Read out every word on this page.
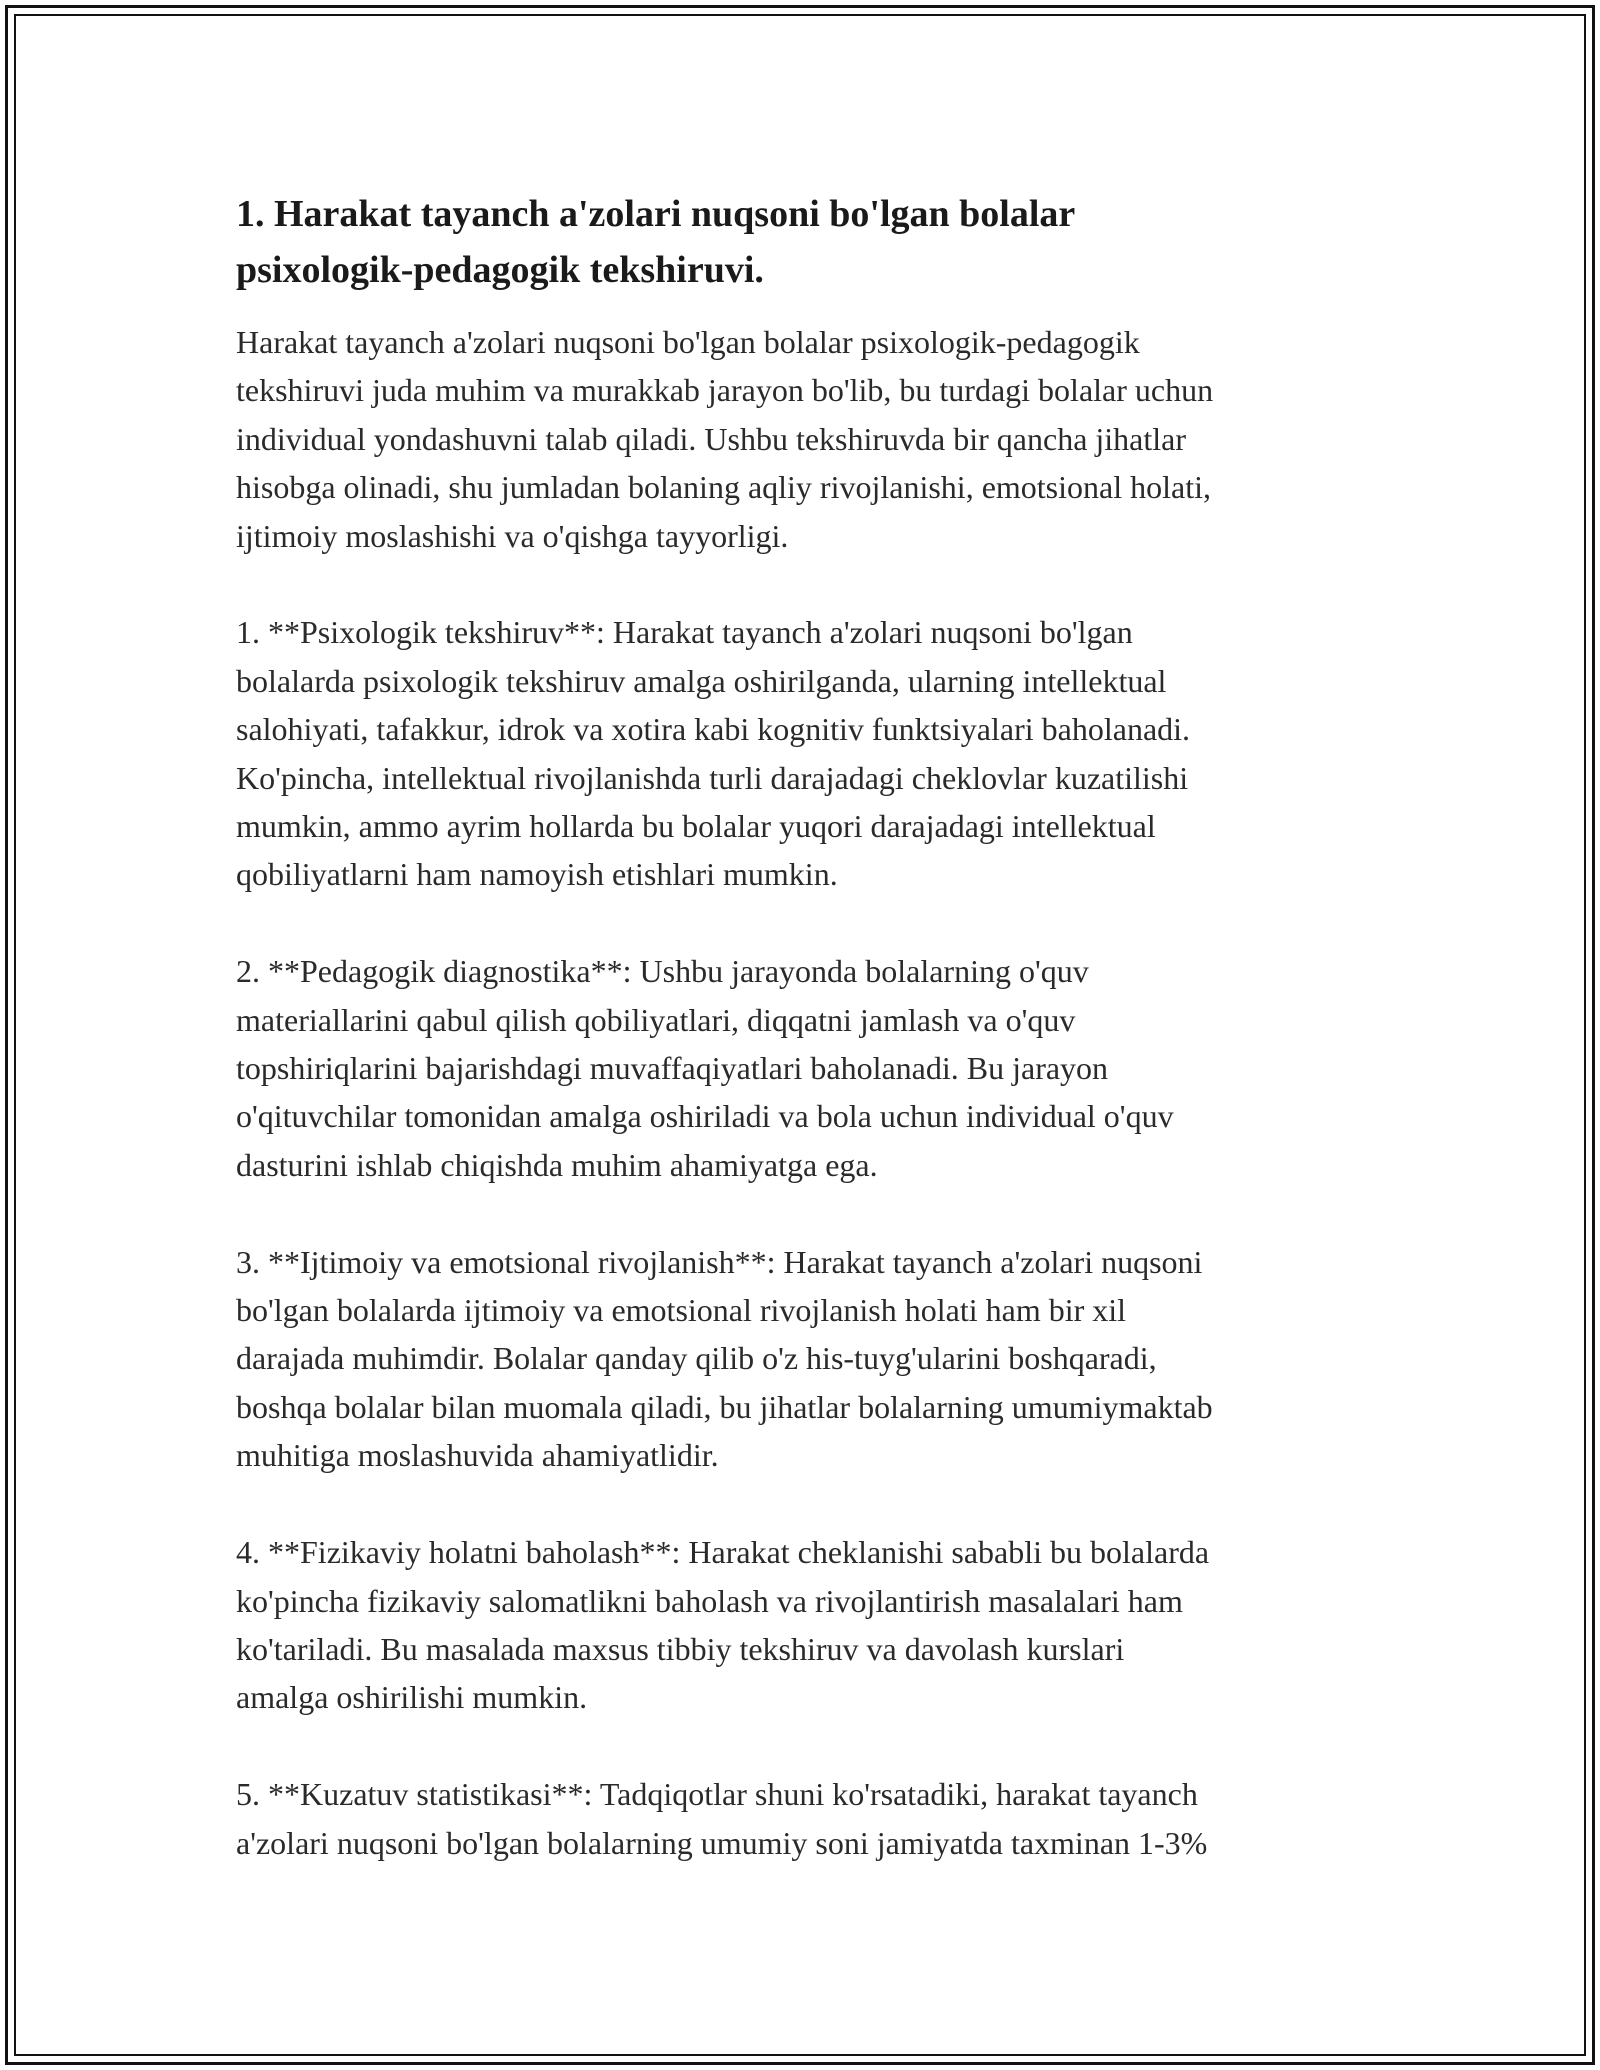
1. Harakat tayanch a'zolari nuqsoni bo'lgan bolalar
psixologik-pedagogik tekshiruvi.

Harakat tayanch a'zolari nuqsoni bo'lgan bolalar psixologik-pedagogik
tekshiruvi juda muhim va murakkab jarayon bo'lib, bu turdagi bolalar uchun
individual yondashuvni talab qiladi. Ushbu tekshiruvda bir qancha jihatlar
hisobga olinadi, shu jumladan bolaning aqliy rivojlanishi, emotsional holati,
ijtimoiy moslashishi va o'qishga tayyorligi.

1. **Psixologik tekshiruv**: Harakat tayanch a'zolari nuqsoni bo'lgan
bolalarda psixologik tekshiruv amalga oshirilganda, ularning intellektual
salohiyati, tafakkur, idrok va xotira kabi kognitiv funktsiyalari baholanadi.
Ko'pincha, intellektual rivojlanishda turli darajadagi cheklovlar kuzatilishi
mumkin, ammo ayrim hollarda bu bolalar yuqori darajadagi intellektual
qobiliyatlarni ham namoyish etishlari mumkin.

2. **Pedagogik diagnostika**: Ushbu jarayonda bolalarning o'quv
materiallarini qabul qilish qobiliyatlari, diqqatni jamlash va o'quv
topshiriqlarini bajarishdagi muvaffaqiyatlari baholanadi. Bu jarayon
o'qituvchilar tomonidan amalga oshiriladi va bola uchun individual o'quv
dasturini ishlab chiqishda muhim ahamiyatga ega.

3. **Ijtimoiy va emotsional rivojlanish**: Harakat tayanch a'zolari nuqsoni
bo'lgan bolalarda ijtimoiy va emotsional rivojlanish holati ham bir xil
darajada muhimdir. Bolalar qanday qilib o'z his-tuyg'ularini boshqaradi,
boshqa bolalar bilan muomala qiladi, bu jihatlar bolalarning umumiymaktab
muhitiga moslashuvida ahamiyatlidir.

4. **Fizikaviy holatni baholash**: Harakat cheklanishi sababli bu bolalarda
ko'pincha fizikaviy salomatlikni baholash va rivojlantirish masalalari ham
ko'tariladi. Bu masalada maxsus tibbiy tekshiruv va davolash kurslari
amalga oshirilishi mumkin.

5. **Kuzatuv statistikasi**: Tadqiqotlar shuni ko'rsatadiki, harakat tayanch
a'zolari nuqsoni bo'lgan bolalarning umumiy soni jamiyatda taxminan 1-3%
